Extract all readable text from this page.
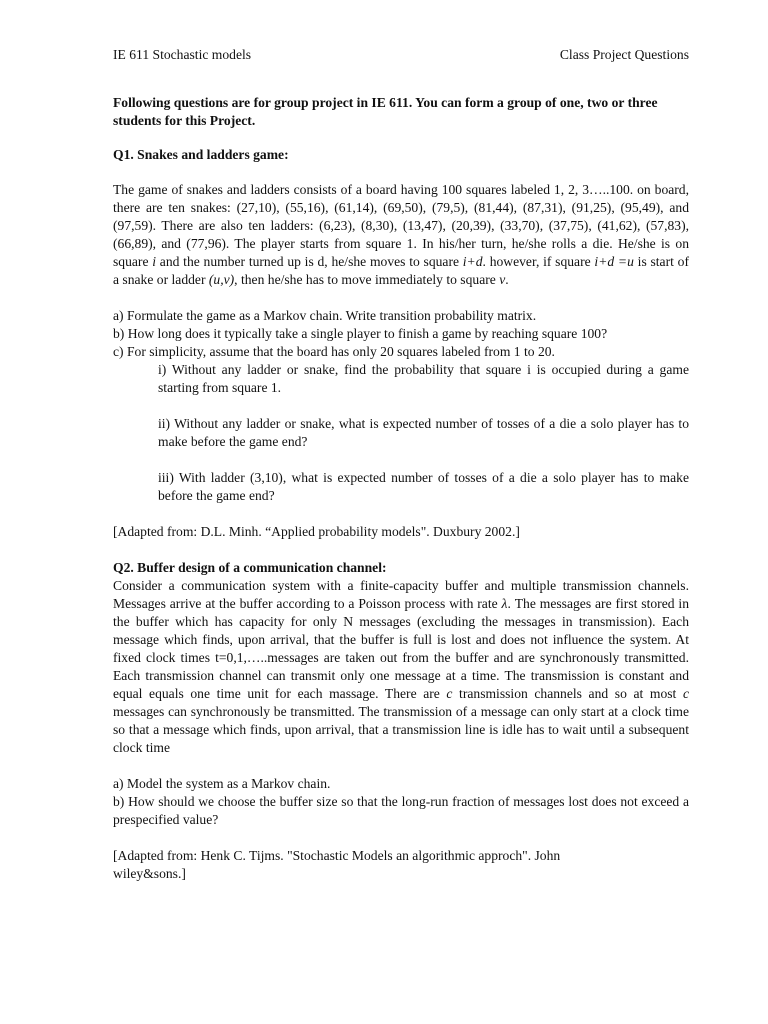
IE 611 Stochastic models	Class Project Questions

Following questions are for group project in IE 611. You can form a group of one, two or three students for this Project.

Q1. Snakes and ladders game:

The game of snakes and ladders consists of a board having 100 squares labeled 1, 2, 3…..100. on board, there are ten snakes: (27,10), (55,16), (61,14), (69,50), (79,5), (81,44), (87,31), (91,25), (95,49), and (97,59). There are also ten ladders: (6,23), (8,30), (13,47), (20,39), (33,70), (37,75), (41,62), (57,83), (66,89), and (77,96). The player starts from square 1. In his/her turn, he/she rolls a die. He/she is on square i and the number turned up is d, he/she moves to square i+d. however, if square i+d =u is start of a snake or ladder (u,v), then he/she has to move immediately to square v.

a) Formulate the game as a Markov chain. Write transition probability matrix.
b) How long does it typically take a single player to finish a game by reaching square 100?
c) For simplicity, assume that the board has only 20 squares labeled from 1 to 20.
i) Without any ladder or snake, find the probability that square i is occupied during a game starting from square 1.
ii) Without any ladder or snake, what is expected number of tosses of a die a solo player has to make before the game end?
iii) With ladder (3,10), what is expected number of tosses of a die a solo player has to make before the game end?

[Adapted from: D.L. Minh. “Applied probability models". Duxbury 2002.]

Q2. Buffer design of a communication channel:

Consider a communication system with a finite-capacity buffer and multiple transmission channels. Messages arrive at the buffer according to a Poisson process with rate λ. The messages are first stored in the buffer which has capacity for only N messages (excluding the messages in transmission). Each message which finds, upon arrival, that the buffer is full is lost and does not influence the system. At fixed clock times t=0,1,…..messages are taken out from the buffer and are synchronously transmitted. Each transmission channel can transmit only one message at a time. The transmission is constant and equal equals one time unit for each massage. There are c transmission channels and so at most c messages can synchronously be transmitted. The transmission of a message can only start at a clock time so that a message which finds, upon arrival, that a transmission line is idle has to wait until a subsequent clock time

a) Model the system as a Markov chain.
b) How should we choose the buffer size so that the long-run fraction of messages lost does not exceed a prespecified value?
[Adapted from: Henk C. Tijms. "Stochastic Models an algorithmic approch". John
wiley&sons.]
